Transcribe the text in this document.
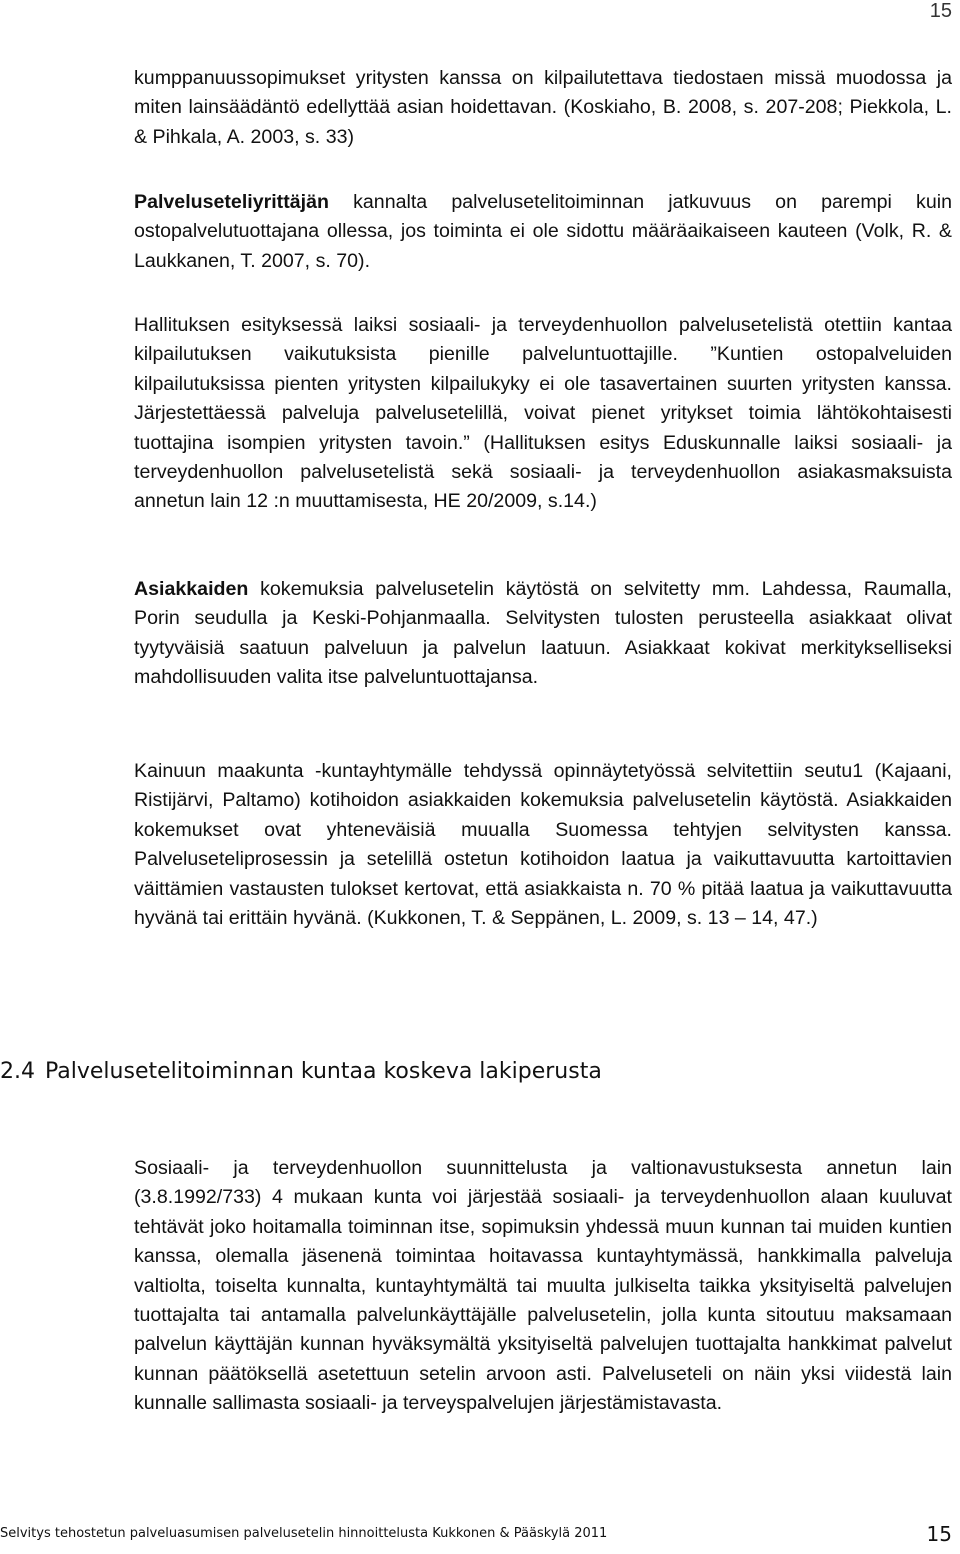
15

kumppanuussopimukset yritysten kanssa on kilpailutettava tiedostaen missä muodossa ja miten lainsäädäntö edellyttää asian hoidettavan. (Koskiaho, B. 2008, s. 207-208; Piekkola, L. & Pihkala, A. 2003, s. 33)

Palveluseteliyrittäjän kannalta palvelusetelitoiminnan jatkuvuus on parempi kuin ostopalvelutuottajana ollessa, jos toiminta ei ole sidottu määräaikaiseen kauteen (Volk, R. & Laukkanen, T. 2007, s. 70).

Hallituksen esityksessä laiksi sosiaali- ja terveydenhuollon palvelusetelistä otettiin kantaa kilpailutuksen vaikutuksista pienille palveluntuottajille. ”Kuntien ostopalveluiden kilpailutuksissa pienten yritysten kilpailukyky ei ole tasavertainen suurten yritysten kanssa. Järjestettäessä palveluja palvelusetelillä, voivat pienet yritykset toimia lähtökohtaisesti tuottajina isompien yritysten tavoin.” (Hallituksen esitys Eduskunnalle laiksi sosiaali- ja terveydenhuollon palvelusetelistä sekä sosiaali- ja terveydenhuollon asiakasmaksuista annetun lain 12 :n muuttamisesta, HE 20/2009, s.14.)

Asiakkaiden kokemuksia palvelusetelin käytöstä on selvitetty mm. Lahdessa, Raumalla, Porin seudulla ja Keski-Pohjanmaalla. Selvitysten tulosten perusteella asiakkaat olivat tyytyväisiä saatuun palveluun ja palvelun laatuun. Asiakkaat kokivat merkitykselliseksi mahdollisuuden valita itse palveluntuottajansa.

Kainuun maakunta -kuntayhtymälle tehdyssä opinnäytetyössä selvitettiin seutu1 (Kajaani, Ristijärvi, Paltamo) kotihoidon asiakkaiden kokemuksia palvelusetelin käytöstä. Asiakkaiden kokemukset ovat yhteneväisiä muualla Suomessa tehtyjen selvitysten kanssa. Palveluseteliprosessin ja setelillä ostetun kotihoidon laatua ja vaikuttavuutta kartoittavien väittämien vastausten tulokset kertovat, että asiakkaista n. 70 % pitää laatua ja vaikuttavuutta hyvänä tai erittäin hyvänä. (Kukkonen, T. & Seppänen, L. 2009, s. 13 – 14, 47.)

2.4 Palvelusetelitoiminnan kuntaa koskeva lakiperusta

Sosiaali- ja terveydenhuollon suunnittelusta ja valtionavustuksesta annetun lain (3.8.1992/733) 4 mukaan kunta voi järjestää sosiaali- ja terveydenhuollon alaan kuuluvat tehtävät joko hoitamalla toiminnan itse, sopimuksin yhdessä muun kunnan tai muiden kuntien kanssa, olemalla jäsenenä toimintaa hoitavassa kuntayhtymässä, hankkimalla palveluja valtiolta, toiselta kunnalta, kuntayhtymältä tai muulta julkiselta taikka yksityiseltä palvelujen tuottajalta tai antamalla palvelunkäyttäjälle palvelusetelin, jolla kunta sitoutuu maksamaan palvelun käyttäjän kunnan hyväksymältä yksityiseltä palvelujen tuottajalta hankkimat palvelut kunnan päätöksellä asetettuun setelin arvoon asti. Palveluseteli on näin yksi viidestä lain kunnalle sallimasta sosiaali- ja terveyspalvelujen järjestämistavasta.

Selvitys tehostetun palveluasumisen palvelusetelin hinnoittelusta Kukkonen & Pääskylä 2011	15
